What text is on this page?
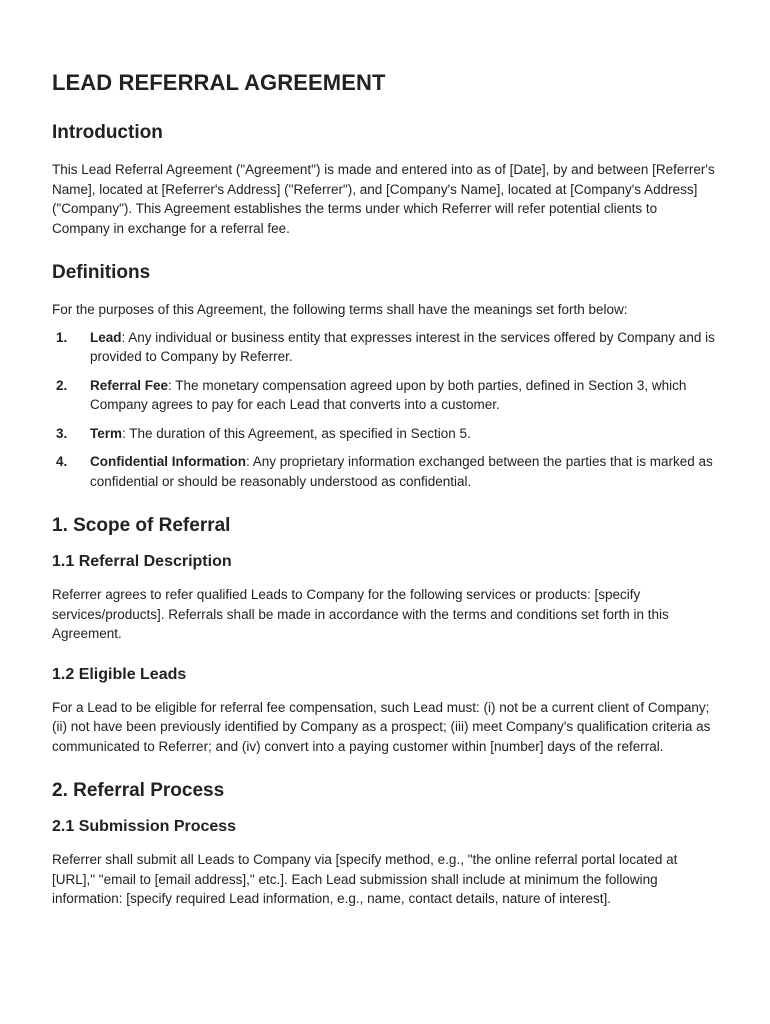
LEAD REFERRAL AGREEMENT
Introduction

This Lead Referral Agreement ("Agreement") is made and entered into as of [Date], by and between [Referrer's Name], located at [Referrer's Address] ("Referrer"), and [Company's Name], located at [Company's Address] ("Company"). This Agreement establishes the terms under which Referrer will refer potential clients to Company in exchange for a referral fee.

Definitions

For the purposes of this Agreement, the following terms shall have the meanings set forth below:

1.	Lead: Any individual or business entity that expresses interest in the services offered by Company and is provided to Company by Referrer.
2.	Referral Fee: The monetary compensation agreed upon by both parties, defined in Section 3, which Company agrees to pay for each Lead that converts into a customer.
3.	Term: The duration of this Agreement, as specified in Section 5.
4.	Confidential Information: Any proprietary information exchanged between the parties that is marked as confidential or should be reasonably understood as confidential.
1. Scope of Referral
1.1 Referral Description

Referrer agrees to refer qualified Leads to Company for the following services or products: [specify services/products]. Referrals shall be made in accordance with the terms and conditions set forth in this Agreement.

1.2 Eligible Leads

For a Lead to be eligible for referral fee compensation, such Lead must: (i) not be a current client of Company; (ii) not have been previously identified by Company as a prospect; (iii) meet Company's qualification criteria as communicated to Referrer; and (iv) convert into a paying customer within [number] days of the referral.

2. Referral Process
2.1 Submission Process

Referrer shall submit all Leads to Company via [specify method, e.g., "the online referral portal located at [URL]," "email to [email address]," etc.]. Each Lead submission shall include at minimum the following information: [specify required Lead information, e.g., name, contact details, nature of interest].
